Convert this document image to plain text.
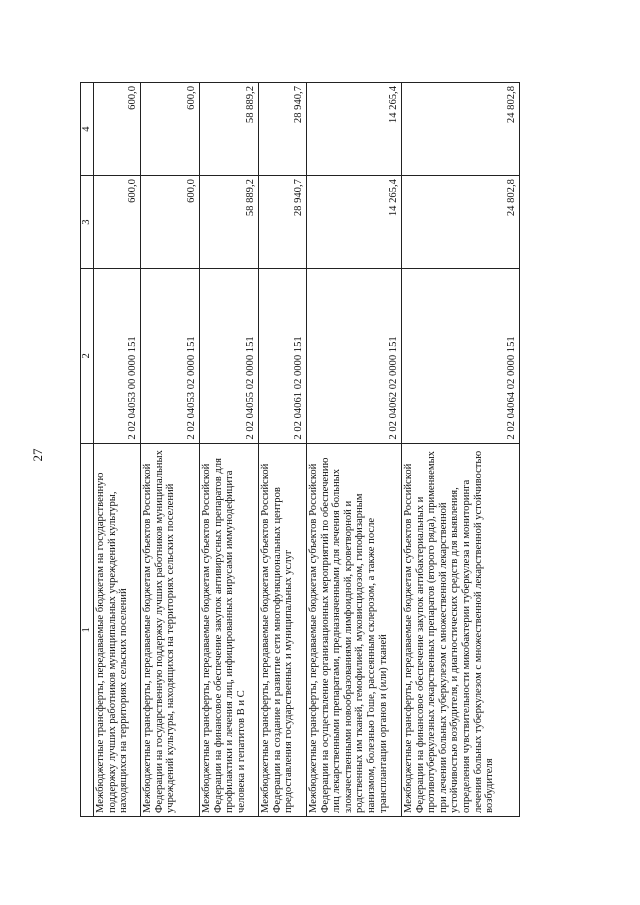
27
1	2	3	4
Межбюджетные трансферты, передаваемые бюджетам на государственную поддержку лучших работников муниципальных учреждений культуры, находящихся на территориях сельских поселений	2 02 04053 00 0000 151	600,0	600,0
Межбюджетные трансферты, передаваемые бюджетам субъектов Российской Федерации на государственную поддержку лучших работников муниципальных учреждений культуры, находящихся на территориях сельских поселений	2 02 04053 02 0000 151	600,0	600,0
Межбюджетные трансферты, передаваемые бюджетам субъектов Российской Федерации на финансовое обеспечение закупок антивирусных препаратов для профилактики и лечения лиц, инфицированных вирусами иммунодефицита человека и гепатитов В и С	2 02 04055 02 0000 151	58 889,2	58 889,2
Межбюджетные трансферты, передаваемые бюджетам субъектов Российской Федерации на создание и развитие сети многофункциональных центров предоставления государственных и муниципальных услуг	2 02 04061 02 0000 151	28 940,7	28 940,7
Межбюджетные трансферты, передаваемые бюджетам субъектов Российской Федерации на осуществление организационных мероприятий по обеспечению лиц лекарственными препаратами, предназначенными для лечения больных злокачественными новообразованиями лимфоидной, кроветворной и родственных им тканей, гемофилией, муковисцидозом, гипофизарным нанизмом, болезнью Гоше, рассеянным склерозом, а также после трансплантации органов и (или) тканей	2 02 04062 02 0000 151	14 265,4	14 265,4
Межбюджетные трансферты, передаваемые бюджетам субъектов Российской Федерации на финансовое обеспечение закупок антибактериальных и противотуберкулезных лекарственных препаратов (второго ряда), применяемых при лечении больных туберкулезом с множественной лекарственной устойчивостью возбудителя, и диагностических средств для выявления, определения чувствительности микобактерии туберкулеза и мониторинга лечения больных туберкулезом с множественной лекарственной устойчивостью возбудителя	2 02 04064 02 0000 151	24 802,8	24 802,8
